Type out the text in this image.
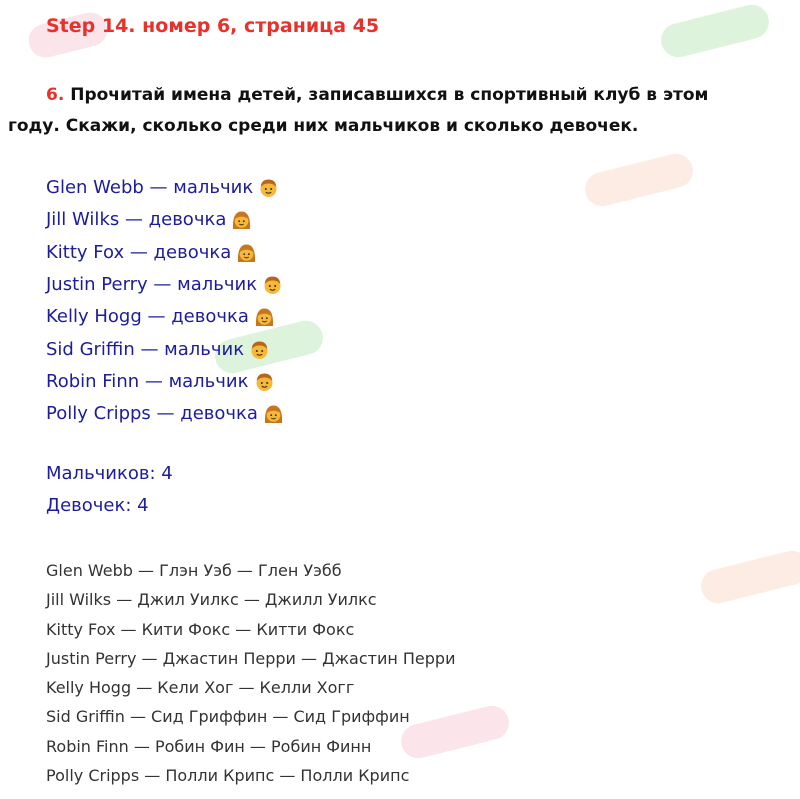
Step 14. номер 6, страница 45

6. Прочитай имена детей, записавшихся в спортивный клуб в этом году. Скажи, сколько среди них мальчиков и сколько девочек.

Glen Webb — мальчик
Jill Wilks — девочка
Kitty Fox — девочка
Justin Perry — мальчик
Kelly Hogg — девочка
Sid Griffin — мальчик
Robin Finn — мальчик
Polly Cripps — девочка
Мальчиков: 4
Девочек: 4
Glen Webb — Глэн Уэб — Глен Уэбб
Jill Wilks — Джил Уилкс — Джилл Уилкс
Kitty Fox — Кити Фокс — Китти Фокс
Justin Perry — Джастин Перри — Джастин Перри
Kelly Hogg — Кели Хог — Келли Хогг
Sid Griffin — Сид Гриффин — Сид Гриффин
Robin Finn — Робин Фин — Робин Финн
Polly Cripps — Полли Крипс — Полли Крипс
